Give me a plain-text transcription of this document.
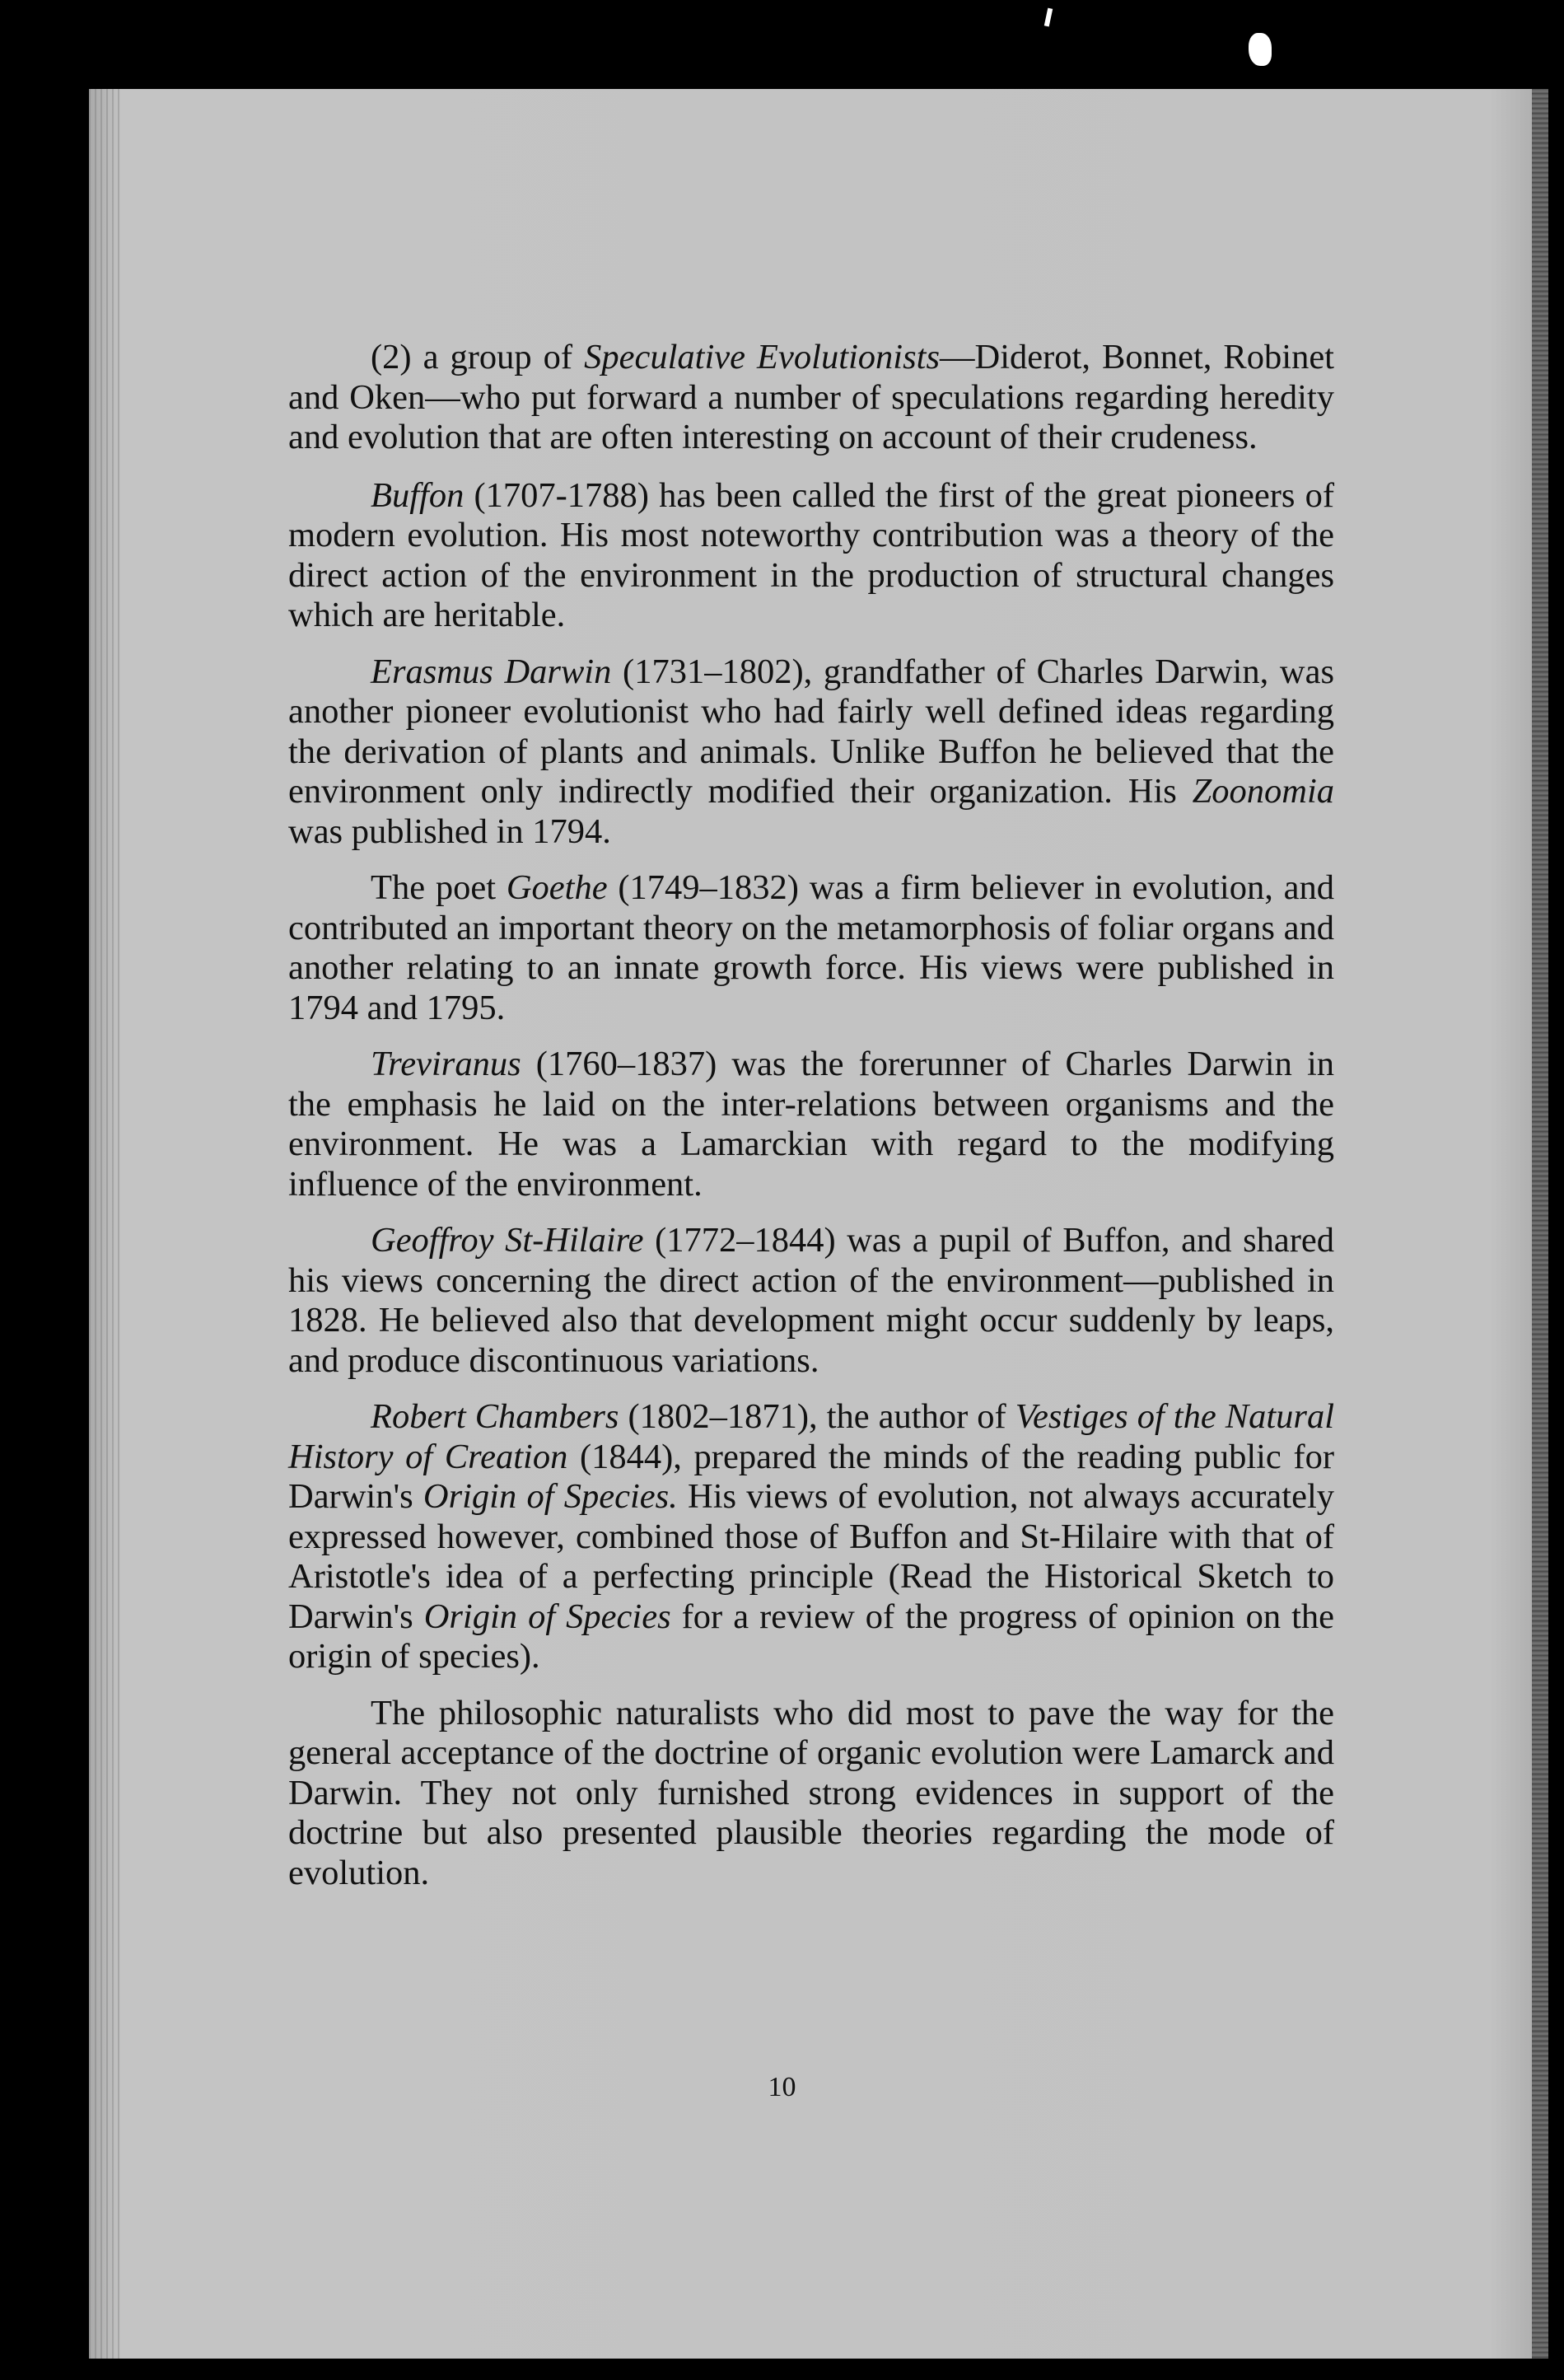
(2) a group of Speculative Evolutionists—Diderot, Bonnet, Robinet and Oken—who put forward a number of speculations regarding heredity and evolution that are often interesting on account of their crudeness.

Buffon (1707-1788) has been called the first of the great pioneers of modern evolution. His most noteworthy contribution was a theory of the direct action of the environment in the production of structural changes which are heritable.

Erasmus Darwin (1731–1802), grandfather of Charles Darwin, was another pioneer evolutionist who had fairly well defined ideas regarding the derivation of plants and animals. Unlike Buffon he believed that the environment only indirectly modified their organization. His Zoonomia was published in 1794.

The poet Goethe (1749–1832) was a firm believer in evolution, and contributed an important theory on the metamorphosis of foliar organs and another relating to an innate growth force. His views were published in 1794 and 1795.

Treviranus (1760–1837) was the forerunner of Charles Darwin in the emphasis he laid on the inter-relations between organisms and the environment. He was a Lamarckian with regard to the modifying influence of the environment.

Geoffroy St-Hilaire (1772–1844) was a pupil of Buffon, and shared his views concerning the direct action of the environment—published in 1828. He believed also that development might occur suddenly by leaps, and produce discontinuous variations.

Robert Chambers (1802–1871), the author of Vestiges of the Natural History of Creation (1844), prepared the minds of the reading public for Darwin's Origin of Species. His views of evolution, not always accurately expressed however, combined those of Buffon and St-Hilaire with that of Aristotle's idea of a perfecting principle (Read the Historical Sketch to Darwin's Origin of Species for a review of the progress of opinion on the origin of species).

The philosophic naturalists who did most to pave the way for the general acceptance of the doctrine of organic evolution were Lamarck and Darwin. They not only furnished strong evidences in support of the doctrine but also presented plausible theories regarding the mode of evolution.

10
